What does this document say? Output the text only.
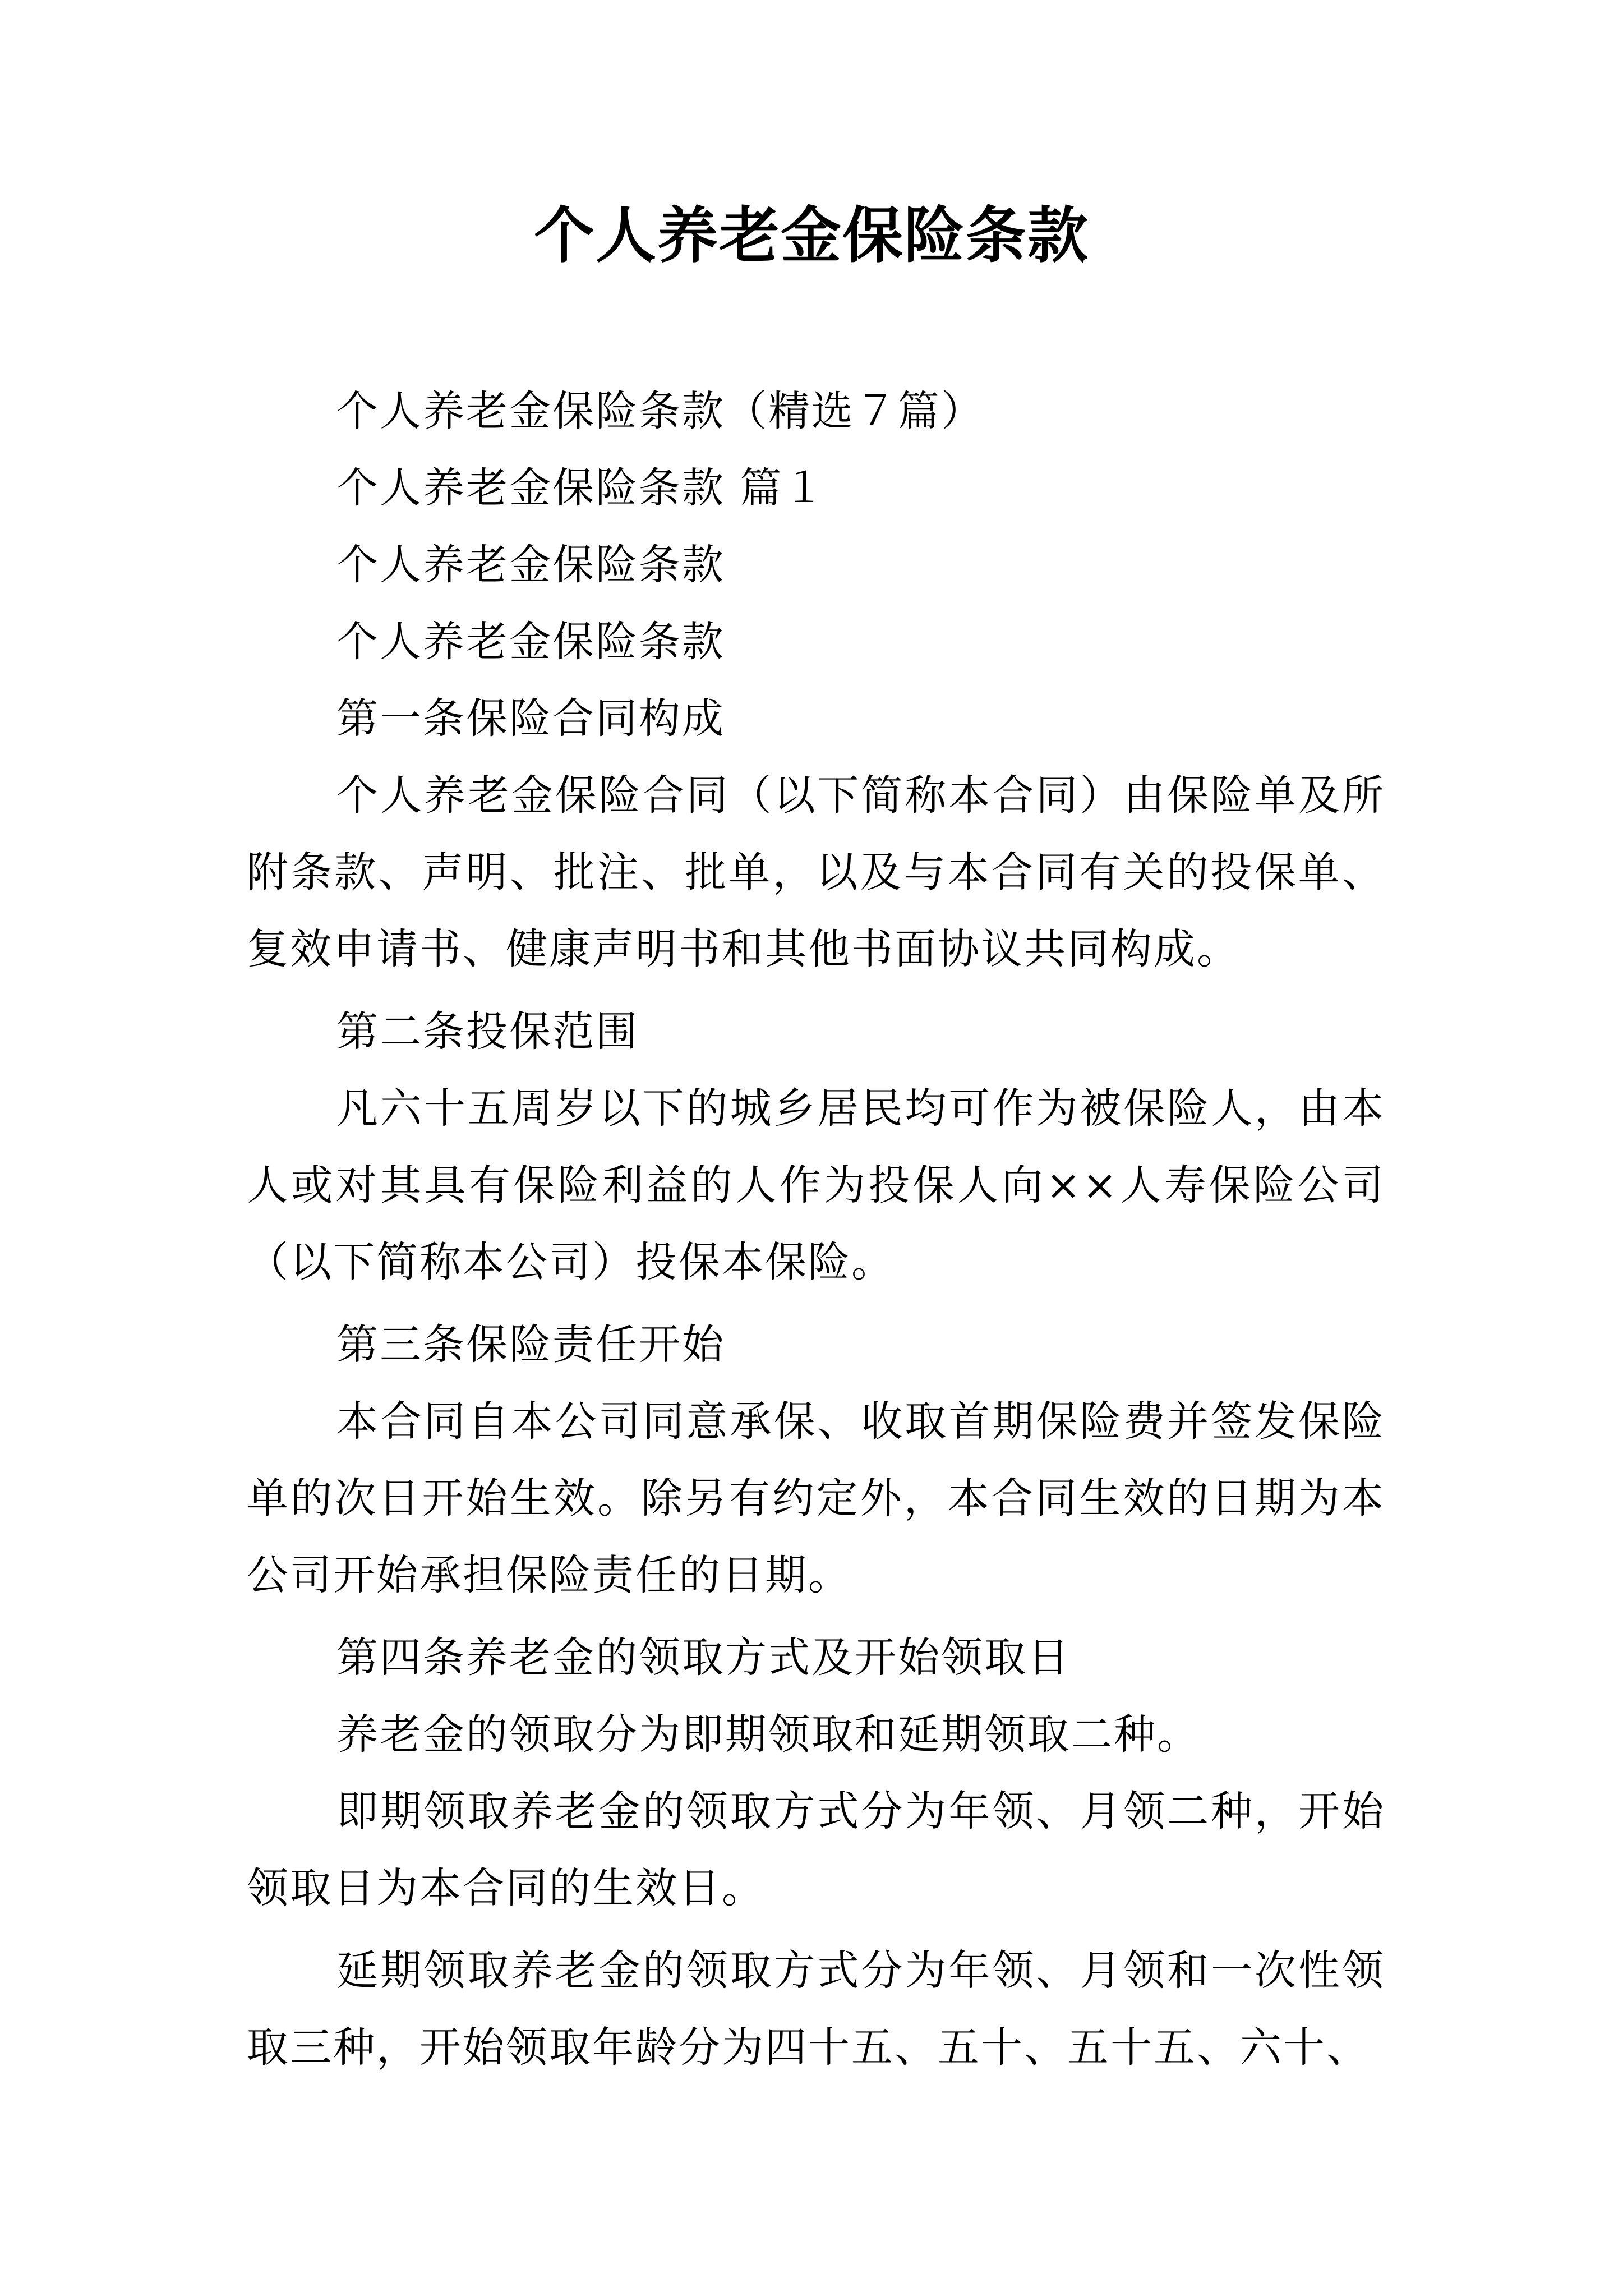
个人养老金保险条款

个人养老金保险条款（精选７篇）

个人养老金保险条款 篇１

个人养老金保险条款

个人养老金保险条款

第一条保险合同构成

个人养老金保险合同（以下简称本合同）由保险单及所附条款、声明、批注、批单，以及与本合同有关的投保单、复效申请书、健康声明书和其他书面协议共同构成。

第二条投保范围

凡六十五周岁以下的城乡居民均可作为被保险人，由本人或对其具有保险利益的人作为投保人向××人寿保险公司（以下简称本公司）投保本保险。

第三条保险责任开始

本合同自本公司同意承保、收取首期保险费并签发保险单的次日开始生效。除另有约定外，本合同生效的日期为本公司开始承担保险责任的日期。

第四条养老金的领取方式及开始领取日

养老金的领取分为即期领取和延期领取二种。

即期领取养老金的领取方式分为年领、月领二种，开始领取日为本合同的生效日。

延期领取养老金的领取方式分为年领、月领和一次性领取三种，开始领取年龄分为四十五、五十、五十五、六十、
